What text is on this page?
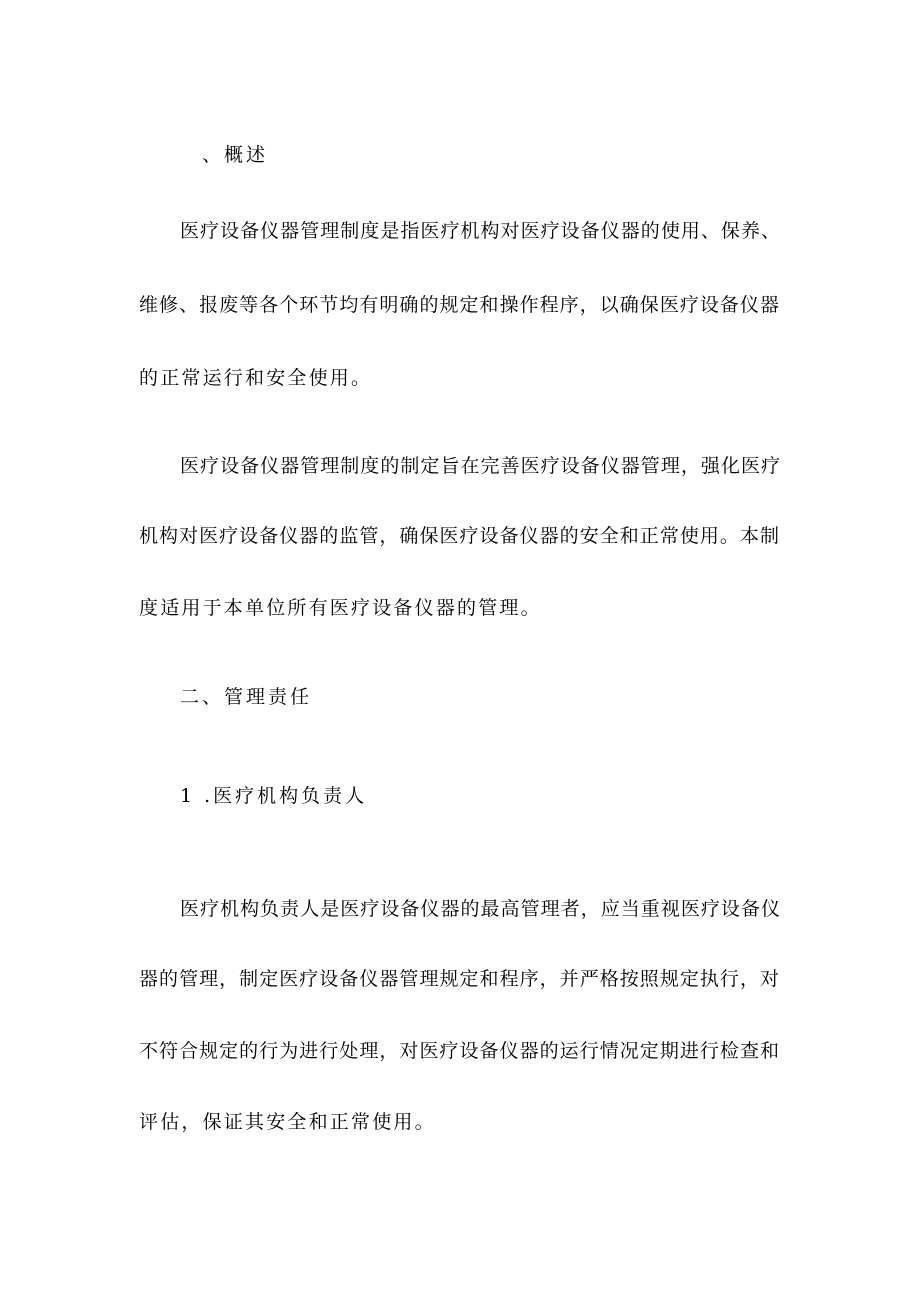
、概述
医疗设备仪器管理制度是指医疗机构对医疗设备仪器的使用、保养、
维修、报废等各个环节均有明确的规定和操作程序，以确保医疗设备仪器
的正常运行和安全使用。
医疗设备仪器管理制度的制定旨在完善医疗设备仪器管理，强化医疗
机构对医疗设备仪器的监管，确保医疗设备仪器的安全和正常使用。本制
度适用于本单位所有医疗设备仪器的管理。
二、管理责任
1 .医疗机构负责人
医疗机构负责人是医疗设备仪器的最高管理者，应当重视医疗设备仪
器的管理，制定医疗设备仪器管理规定和程序，并严格按照规定执行，对
不符合规定的行为进行处理，对医疗设备仪器的运行情况定期进行检查和
评估，保证其安全和正常使用。
